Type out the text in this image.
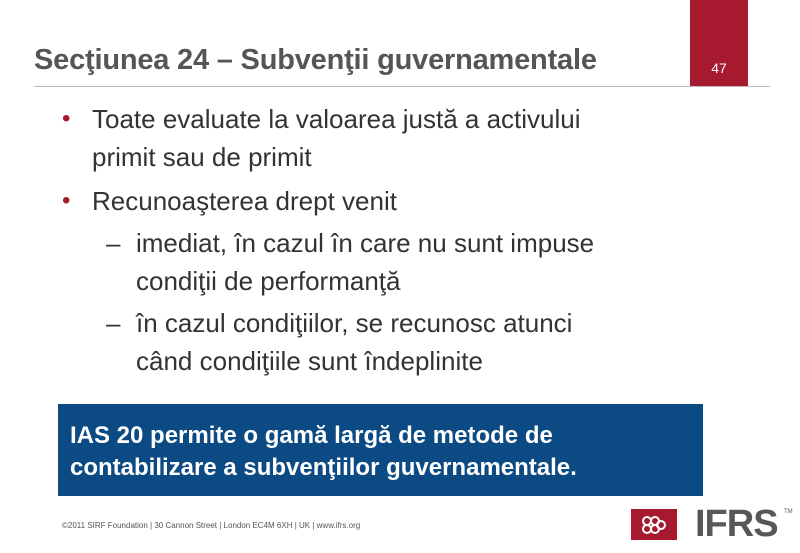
47
Secţiunea 24 – Subvenţii guvernamentale
• Toate evaluate la valoarea justă a activului
primit sau de primit
• Recunoaşterea drept venit
– imediat, în cazul în care nu sunt impuse
condiţii de performanţă
– în cazul condiţiilor, se recunosc atunci
când condiţiile sunt îndeplinite
IAS 20 permite o gamă largă de metode de
contabilizare a subvenţiilor guvernamentale.
©2011 SIRF Foundation | 30 Cannon Street | London EC4M 6XH | UK | www.ifrs.org	IFRS TM
